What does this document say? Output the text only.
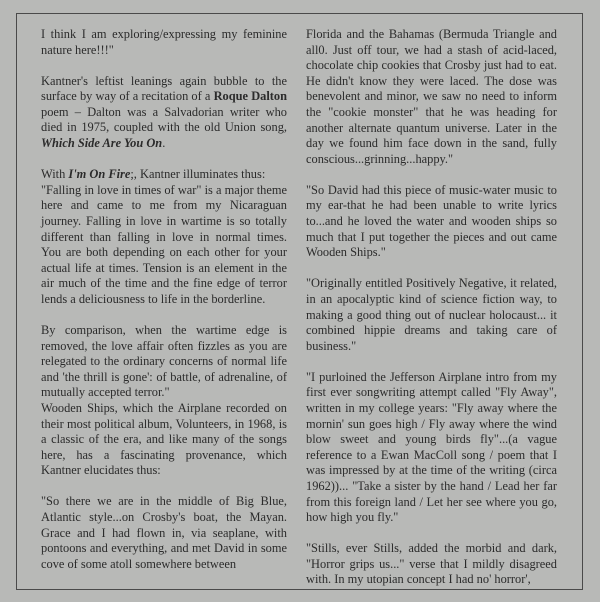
I think I am exploring/expressing my feminine nature here!!!"

Kantner's leftist leanings again bubble to the surface by way of a recitation of a Roque Dalton poem – Dalton was a Salvadorian writer who died in 1975, coupled with the old Union song, Which Side Are You On.

With I'm On Fire;, Kantner illuminates thus:

"Falling in love in times of war" is a major theme here and came to me from my Nicaraguan journey. Falling in love in wartime is so totally different than falling in love in normal times. You are both depending on each other for your actual life at times. Tension is an element in the air much of the time and the fine edge of terror lends a deliciousness to life in the borderline.

By comparison, when the wartime edge is removed, the love affair often fizzles as you are relegated to the ordinary concerns of normal life and 'the thrill is gone': of battle, of adrenaline, of mutually accepted terror."

Wooden Ships, which the Airplane recorded on their most political album, Volunteers, in 1968, is a classic of the era, and like many of the songs here, has a fascinating provenance, which Kantner elucidates thus:

"So there we are in the middle of Big Blue, Atlantic style...on Crosby's boat, the Mayan. Grace and I had flown in, via seaplane, with pontoons and everything, and met David in some cove of some atoll somewhere between

Florida and the Bahamas (Bermuda Triangle and all0. Just off tour, we had a stash of acid-laced, chocolate chip cookies that Crosby just had to eat. He didn't know they were laced. The dose was benevolent and minor, we saw no need to inform the "cookie monster" that he was heading for another alternate quantum universe. Later in the day we found him face down in the sand, fully conscious...grinning...happy."

"So David had this piece of music-water music to my ear-that he had been unable to write lyrics to...and he loved the water and wooden ships so much that I put together the pieces and out came Wooden Ships."

"Originally entitled Positively Negative, it related, in an apocalyptic kind of science fiction way, to making a good thing out of nuclear holocaust... it combined hippie dreams and taking care of business."

"I purloined the Jefferson Airplane intro from my first ever songwriting attempt called "Fly Away", written in my college years: "Fly away where the mornin' sun goes high / Fly away where the wind blow sweet and young birds fly"...(a vague reference to a Ewan MacColl song / poem that I was impressed by at the time of the writing (circa 1962))... "Take a sister by the hand / Lead her far from this foreign land / Let her see where you go, how high you fly."

"Stills, ever Stills, added the morbid and dark, "Horror grips us..." verse that I mildly disagreed with. In my utopian concept I had no' horror',
